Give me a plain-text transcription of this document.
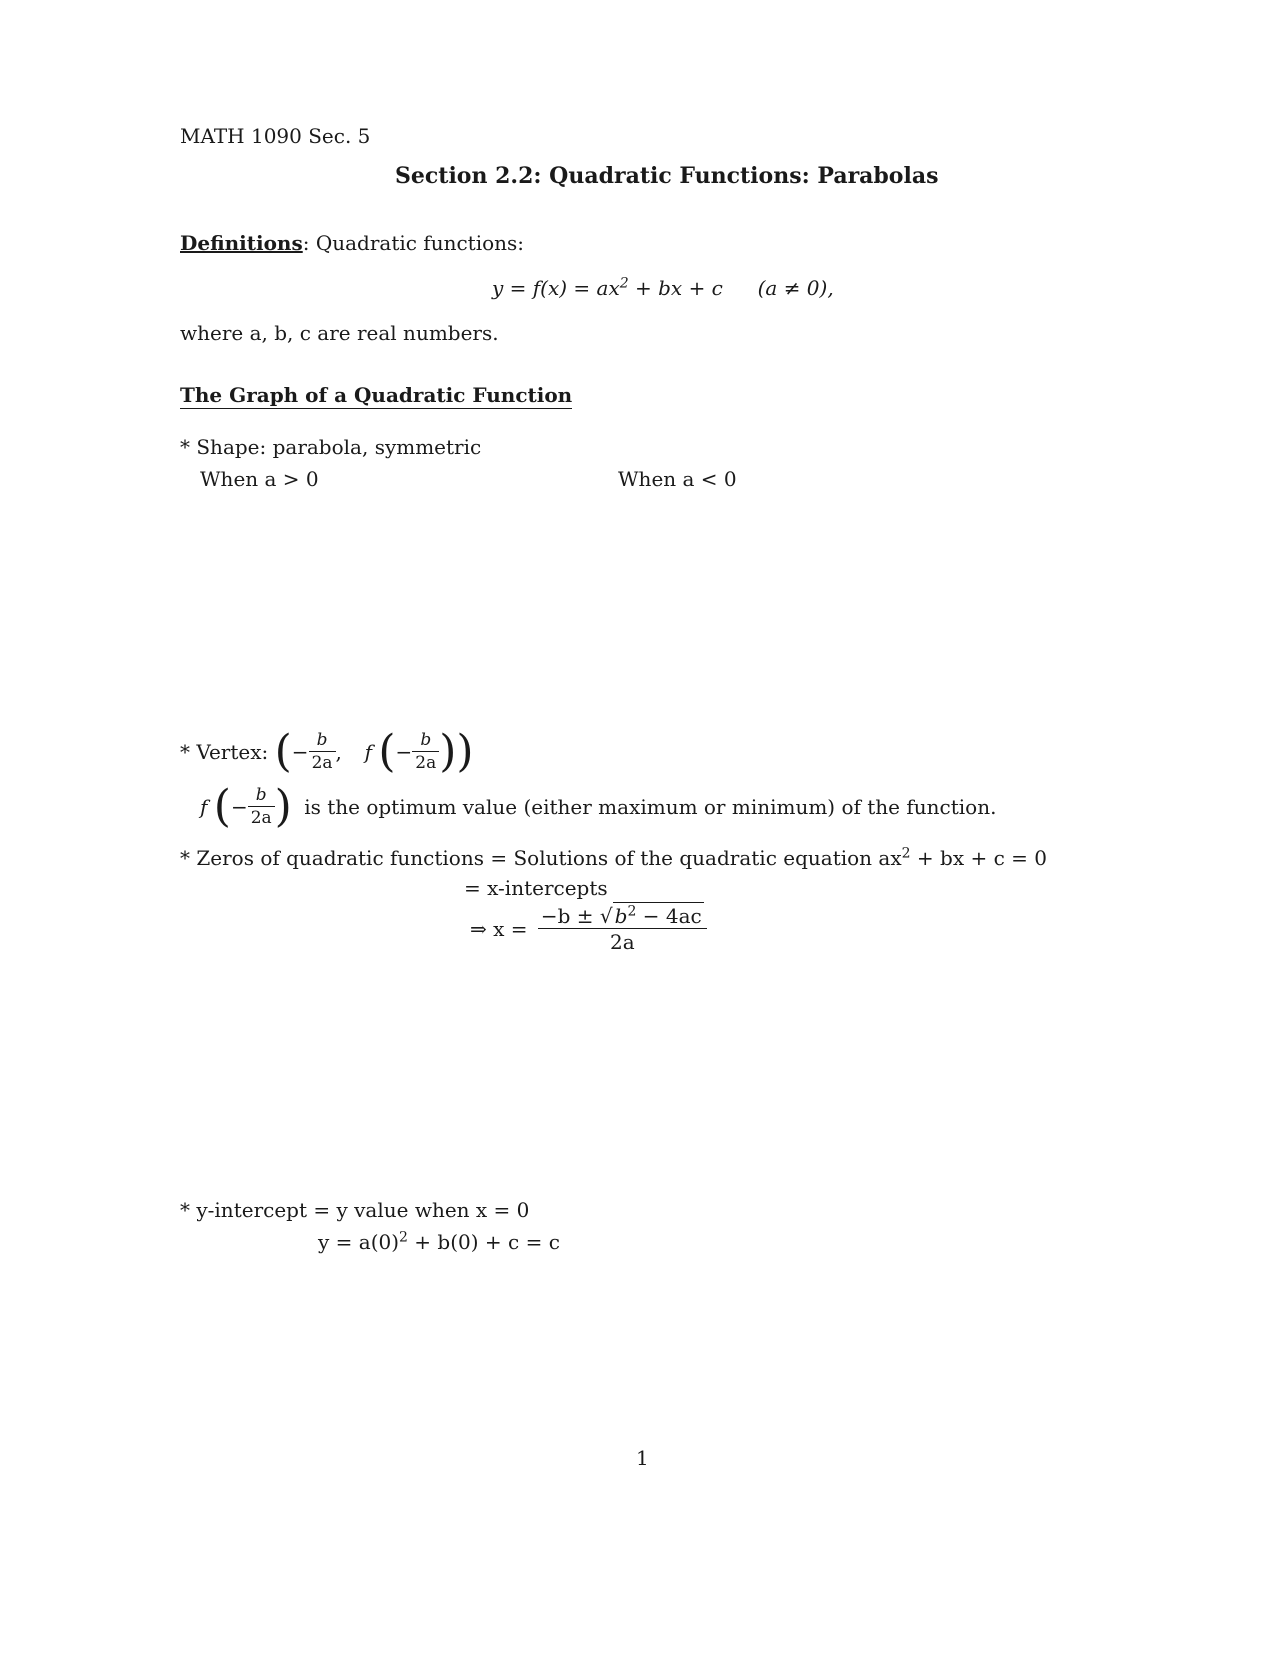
MATH 1090 Sec. 5
Section 2.2: Quadratic Functions: Parabolas
Definitions: Quadratic functions:
$y = f(x) = ax^2$ + bx + c (a ≠ 0),
where a, b, c are real numbers.
The Graph of a Quadratic Function
* Shape: parabola, symmetric
When a > 0	When a < 0
* Vertex: (− $\frac{b}{2a}$ , f (− $\frac{b}{2a}$ ))
f (− $\frac{b}{2a}$ ) is the optimum value (either maximum or minimum) of the function.
* Zeros of quadratic functions = Solutions of the quadratic equation $ax^2$ + bx + c = 0
= x-intercepts
⇒ $x = \frac{-b \pm √ b^2 - 4ac}{2a}$
* y-intercept = y value when x = 0
$y = a(0)^2 + b(0) + c = c$
1
